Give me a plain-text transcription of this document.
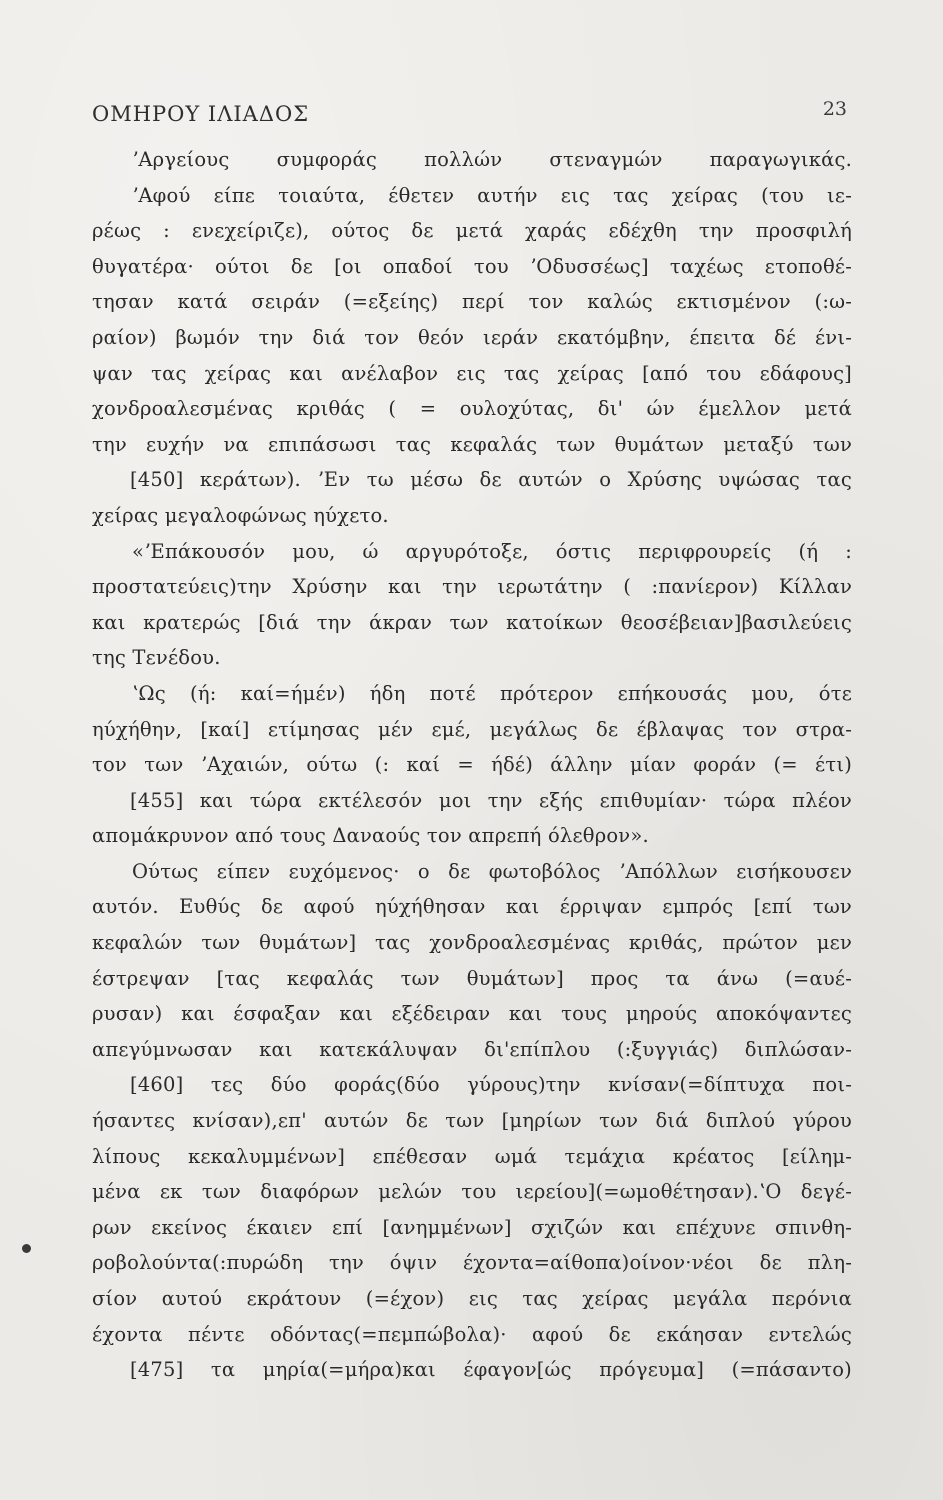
ΟΜΗΡΟΥ ΙΛΙΑΔΟΣ	23
ʼΑργείους συμφοράς πολλών στεναγμών παραγωγικάς.
ʼΑφού είπε τοιαύτα, έθετεν αυτήν εις τας χείρας (του ιε-
ρέως : ενεχείριζε), ούτος δε μετά χαράς εδέχθη την προσφιλή
θυγατέρα· ούτοι δε [οι οπαδοί του ʼΟδυσσέως] ταχέως ετοποθέ-
τησαν κατά σειράν (=εξείης) περί τον καλώς εκτισμένον (:ω-
ραίον) βωμόν την διά τον θεόν ιεράν εκατόμβην, έπειτα δέ ένι-
ψαν τας χείρας και ανέλαβον εις τας χείρας [από του εδάφους]
χονδροαλεσμένας κριθάς ( = ουλοχύτας, δι' ών έμελλον μετά
την ευχήν να επιπάσωσι τας κεφαλάς των θυμάτων μεταξύ των
[450] κεράτων). ʼΕν τω μέσω δε αυτών ο Χρύσης υψώσας τας
χείρας μεγαλοφώνως ηύχετο.
«ʼΕπάκουσόν μου, ώ αργυρότοξε, όστις περιφρουρείς (ή :
προστατεύεις)την Χρύσην και την ιερωτάτην ( :πανίερον) Κίλλαν
και κρατερώς [διά την άκραν των κατοίκων θεοσέβειαν]βασιλεύεις
της Τενέδου.
ʽΩς (ή: καί=ήμέν) ήδη ποτέ πρότερον επήκουσάς μου, ότε
ηύχήθην, [καί] ετίμησας μέν εμέ, μεγάλως δε έβλαψας τον στρα-
τον των ʼΑχαιών, ούτω (: καί = ήδέ) άλλην μίαν φοράν (= έτι)
[455] και τώρα εκτέλεσόν μοι την εξής επιθυμίαν· τώρα πλέον
απομάκρυνον από τους Δαναούς τον απρεπή όλεθρον».
Ούτως είπεν ευχόμενος· ο δε φωτοβόλος ʼΑπόλλων εισήκουσεν
αυτόν. Ευθύς δε αφού ηύχήθησαν και έρριψαν εμπρός [επί των
κεφαλών των θυμάτων] τας χονδροαλεσμένας κριθάς, πρώτον μεν
έστρεψαν [τας κεφαλάς των θυμάτων] προς τα άνω (=αυέ-
ρυσαν) και έσφαξαν και εξέδειραν και τους μηρούς αποκόψαντες
απεγύμνωσαν και κατεκάλυψαν δι'επίπλου (:ξυγγιάς) διπλώσαν-
[460] τες δύο φοράς(δύο γύρους)την κνίσαν(=δίπτυχα ποι-
ήσαντες κνίσαν),επ' αυτών δε των [μηρίων των διά διπλού γύρου
λίπους κεκαλυμμένων] επέθεσαν ωμά τεμάχια κρέατος [είλημ-
μένα εκ των διαφόρων μελών του ιερείου](=ωμοθέτησαν).ʽΟ δεγέ-
ρων εκείνος έκαιεν επί [ανημμένων] σχιζών και επέχυνε σπινθη-
ροβολούντα(:πυρώδη την όψιν έχοντα=αίθοπα)οίνον·νέοι δε πλη-
σίον αυτού εκράτουν (=έχον) εις τας χείρας μεγάλα περόνια
έχοντα πέντε οδόντας(=πεμπώβολα)· αφού δε εκάησαν εντελώς
[475] τα μηρία(=μήρα)και έφαγον[ώς πρόγευμα] (=πάσαντο)
